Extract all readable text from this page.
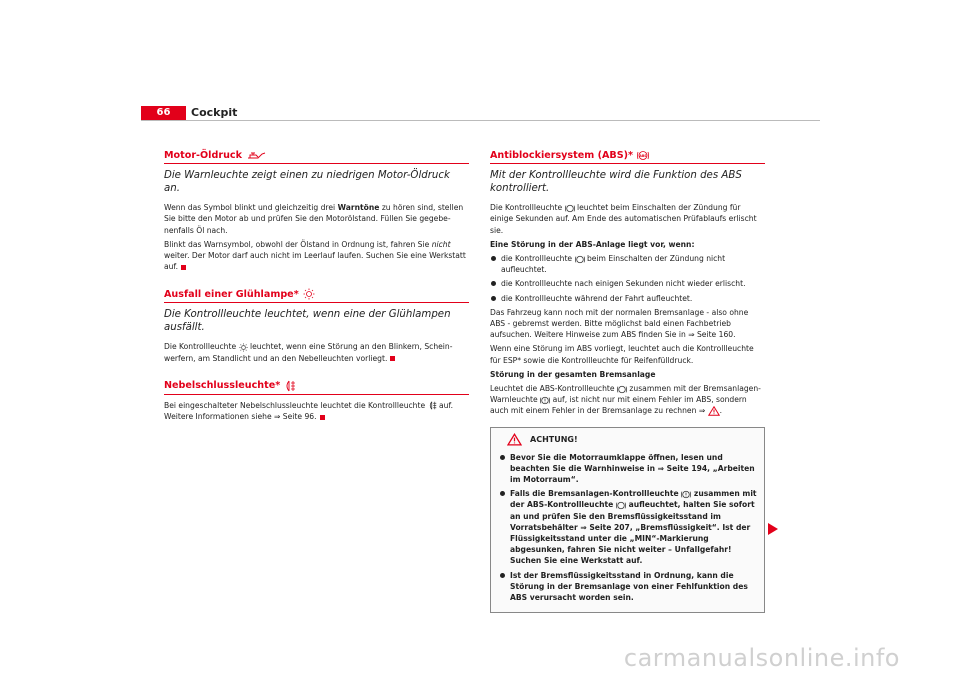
66	Cockpit
Motor-Öldruck
Die Warnleuchte zeigt einen zu niedrigen Motor-Öldruck an.

Wenn das Symbol blinkt und gleichzeitig drei Warntöne zu hören sind, stellen Sie bitte den Motor ab und prüfen Sie den Motorölstand. Füllen Sie gegebenenfalls Öl nach.

Blinkt das Warnsymbol, obwohl der Ölstand in Ordnung ist, fahren Sie nicht weiter. Der Motor darf auch nicht im Leerlauf laufen. Suchen Sie eine Werkstatt auf.

Ausfall einer Glühlampe*
Die Kontrollleuchte leuchtet, wenn eine der Glühlampen ausfällt.

Die Kontrollleuchte leuchtet, wenn eine Störung an den Blinkern, Scheinwerfern, am Standlicht und an den Nebelleuchten vorliegt.

Nebelschlussleuchte*

Bei eingeschalteter Nebelschlussleuchte leuchtet die Kontrollleuchte auf. Weitere Informationen siehe ⇒ Seite 96.

Antiblockiersystem (ABS)* ABS
Mit der Kontrollleuchte wird die Funktion des ABS kontrolliert.

Die Kontrollleuchte leuchtet beim Einschalten der Zündung für einige Sekunden auf. Am Ende des automatischen Prüfablaufs erlischt sie.

Eine Störung in der ABS-Anlage liegt vor, wenn:

die Kontrollleuchte beim Einschalten der Zündung nicht aufleuchtet.
die Kontrollleuchte nach einigen Sekunden nicht wieder erlischt.
die Kontrollleuchte während der Fahrt aufleuchtet.

Das Fahrzeug kann noch mit der normalen Bremsanlage - also ohne ABS - gebremst werden. Bitte möglichst bald einen Fachbetrieb aufsuchen. Weitere Hinweise zum ABS finden Sie in ⇒ Seite 160.

Wenn eine Störung im ABS vorliegt, leuchtet auch die Kontrollleuchte für ESP* sowie die Kontrollleuchte für Reifenfülldruck.

Störung in der gesamten Bremsanlage

Leuchtet die ABS-Kontrollleuchte zusammen mit der Bremsanlagen-Warnleuchte auf, ist nicht nur mit einem Fehler im ABS, sondern auch mit einem Fehler in der Bremsanlage zu rechnen ⇒ .

ACHTUNG!
Bevor Sie die Motorraumklappe öffnen, lesen und beachten Sie die Warnhinweise in ⇒ Seite 194, „Arbeiten im Motorraum“.
Falls die Bremsanlagen-Kontrollleuchte zusammen mit der ABS-Kontrollleuchte aufleuchtet, halten Sie sofort an und prüfen Sie den Bremsflüssigkeitsstand im Vorratsbehälter ⇒ Seite 207, „Bremsflüssigkeit“. Ist der Flüssigkeitsstand unter die „MIN“-Markierung abgesunken, fahren Sie nicht weiter – Unfallgefahr! Suchen Sie eine Werkstatt auf.
Ist der Bremsflüssigkeitsstand in Ordnung, kann die Störung in der Bremsanlage von einer Fehlfunktion des ABS verursacht worden sein.
carmanualsonline.info
